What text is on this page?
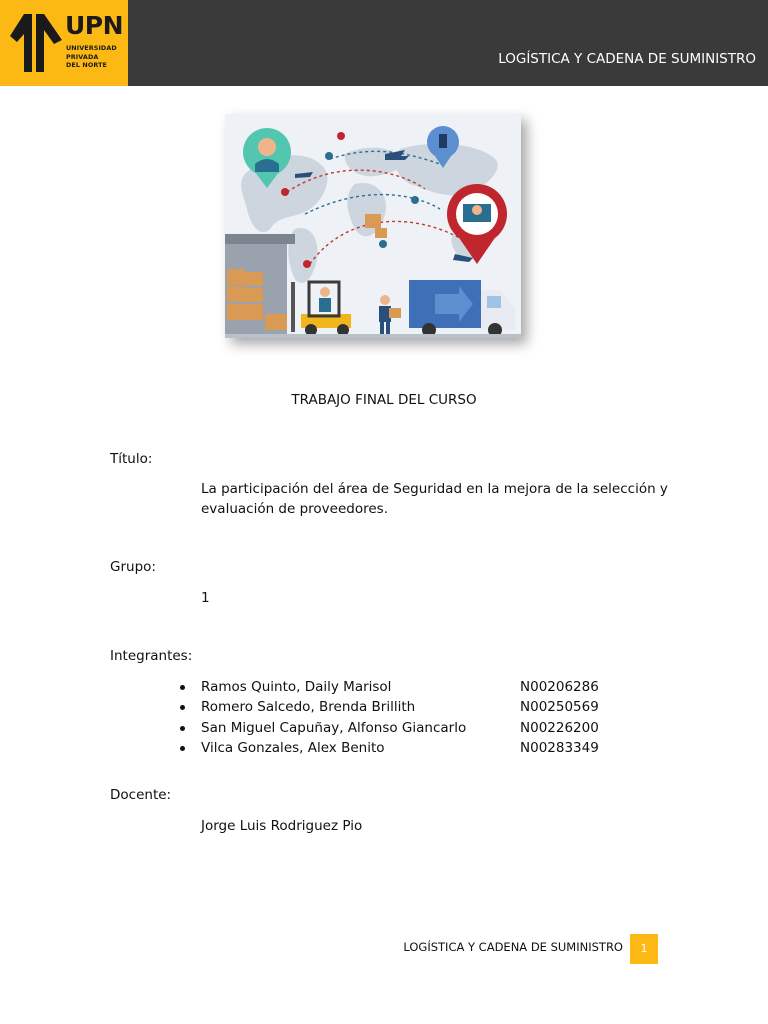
UPN
UNIVERSIDAD
PRIVADA
DEL NORTE	LOGÍSTICA Y CADENA DE SUMINISTRO
TRABAJO FINAL DEL CURSO
Título:
La participación del área de Seguridad en la mejora de la selección y
evaluación de proveedores.
Grupo:
1
Integrantes:
Ramos Quinto, Daily Marisol	N00206286
Romero Salcedo, Brenda Brillith	N00250569
San Miguel Capuñay, Alfonso Giancarlo	N00226200
Vilca Gonzales, Alex Benito	N00283349
Docente:
Jorge Luis Rodriguez Pio
LOGÍSTICA Y CADENA DE SUMINISTRO	1
